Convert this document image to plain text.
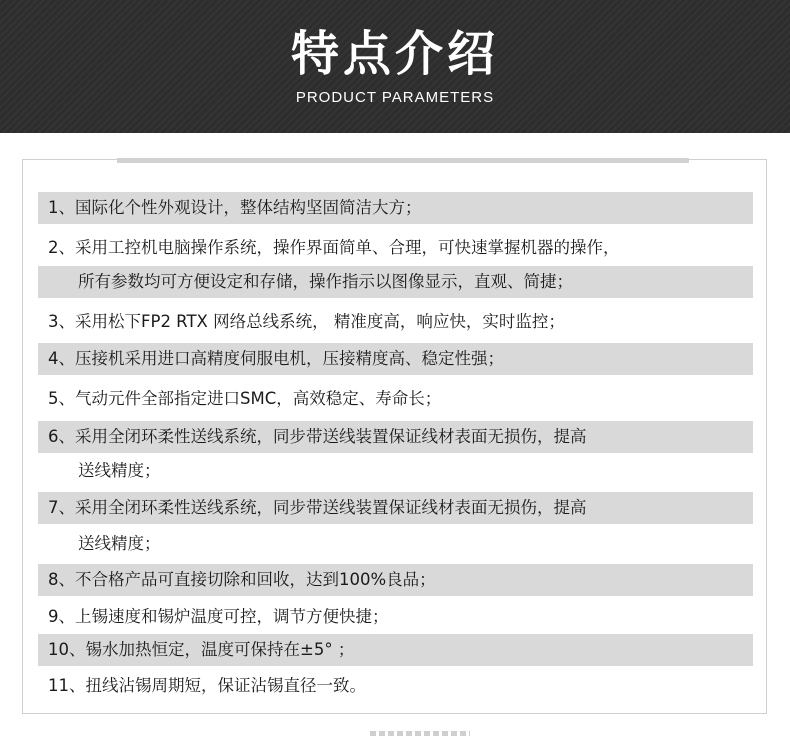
特点介绍
PRODUCT PARAMETERS
1、国际化个性外观设计，整体结构坚固简洁大方；
2、采用工控机电脑操作系统，操作界面简单、合理，可快速掌握机器的操作，
所有参数均可方便设定和存储，操作指示以图像显示，直观、简捷；
3、采用松下FP2 RTX 网络总线系统， 精准度高，响应快，实时监控；
4、压接机采用进口高精度伺服电机，压接精度高、稳定性强；
5、气动元件全部指定进口SMC，高效稳定、寿命长；
6、采用全闭环柔性送线系统，同步带送线装置保证线材表面无损伤，提高
送线精度；
7、采用全闭环柔性送线系统，同步带送线装置保证线材表面无损伤，提高
送线精度；
8、不合格产品可直接切除和回收，达到100%良品；
9、上锡速度和锡炉温度可控，调节方便快捷；
10、锡水加热恒定，温度可保持在±5° ；
11、扭线沾锡周期短，保证沾锡直径一致。
